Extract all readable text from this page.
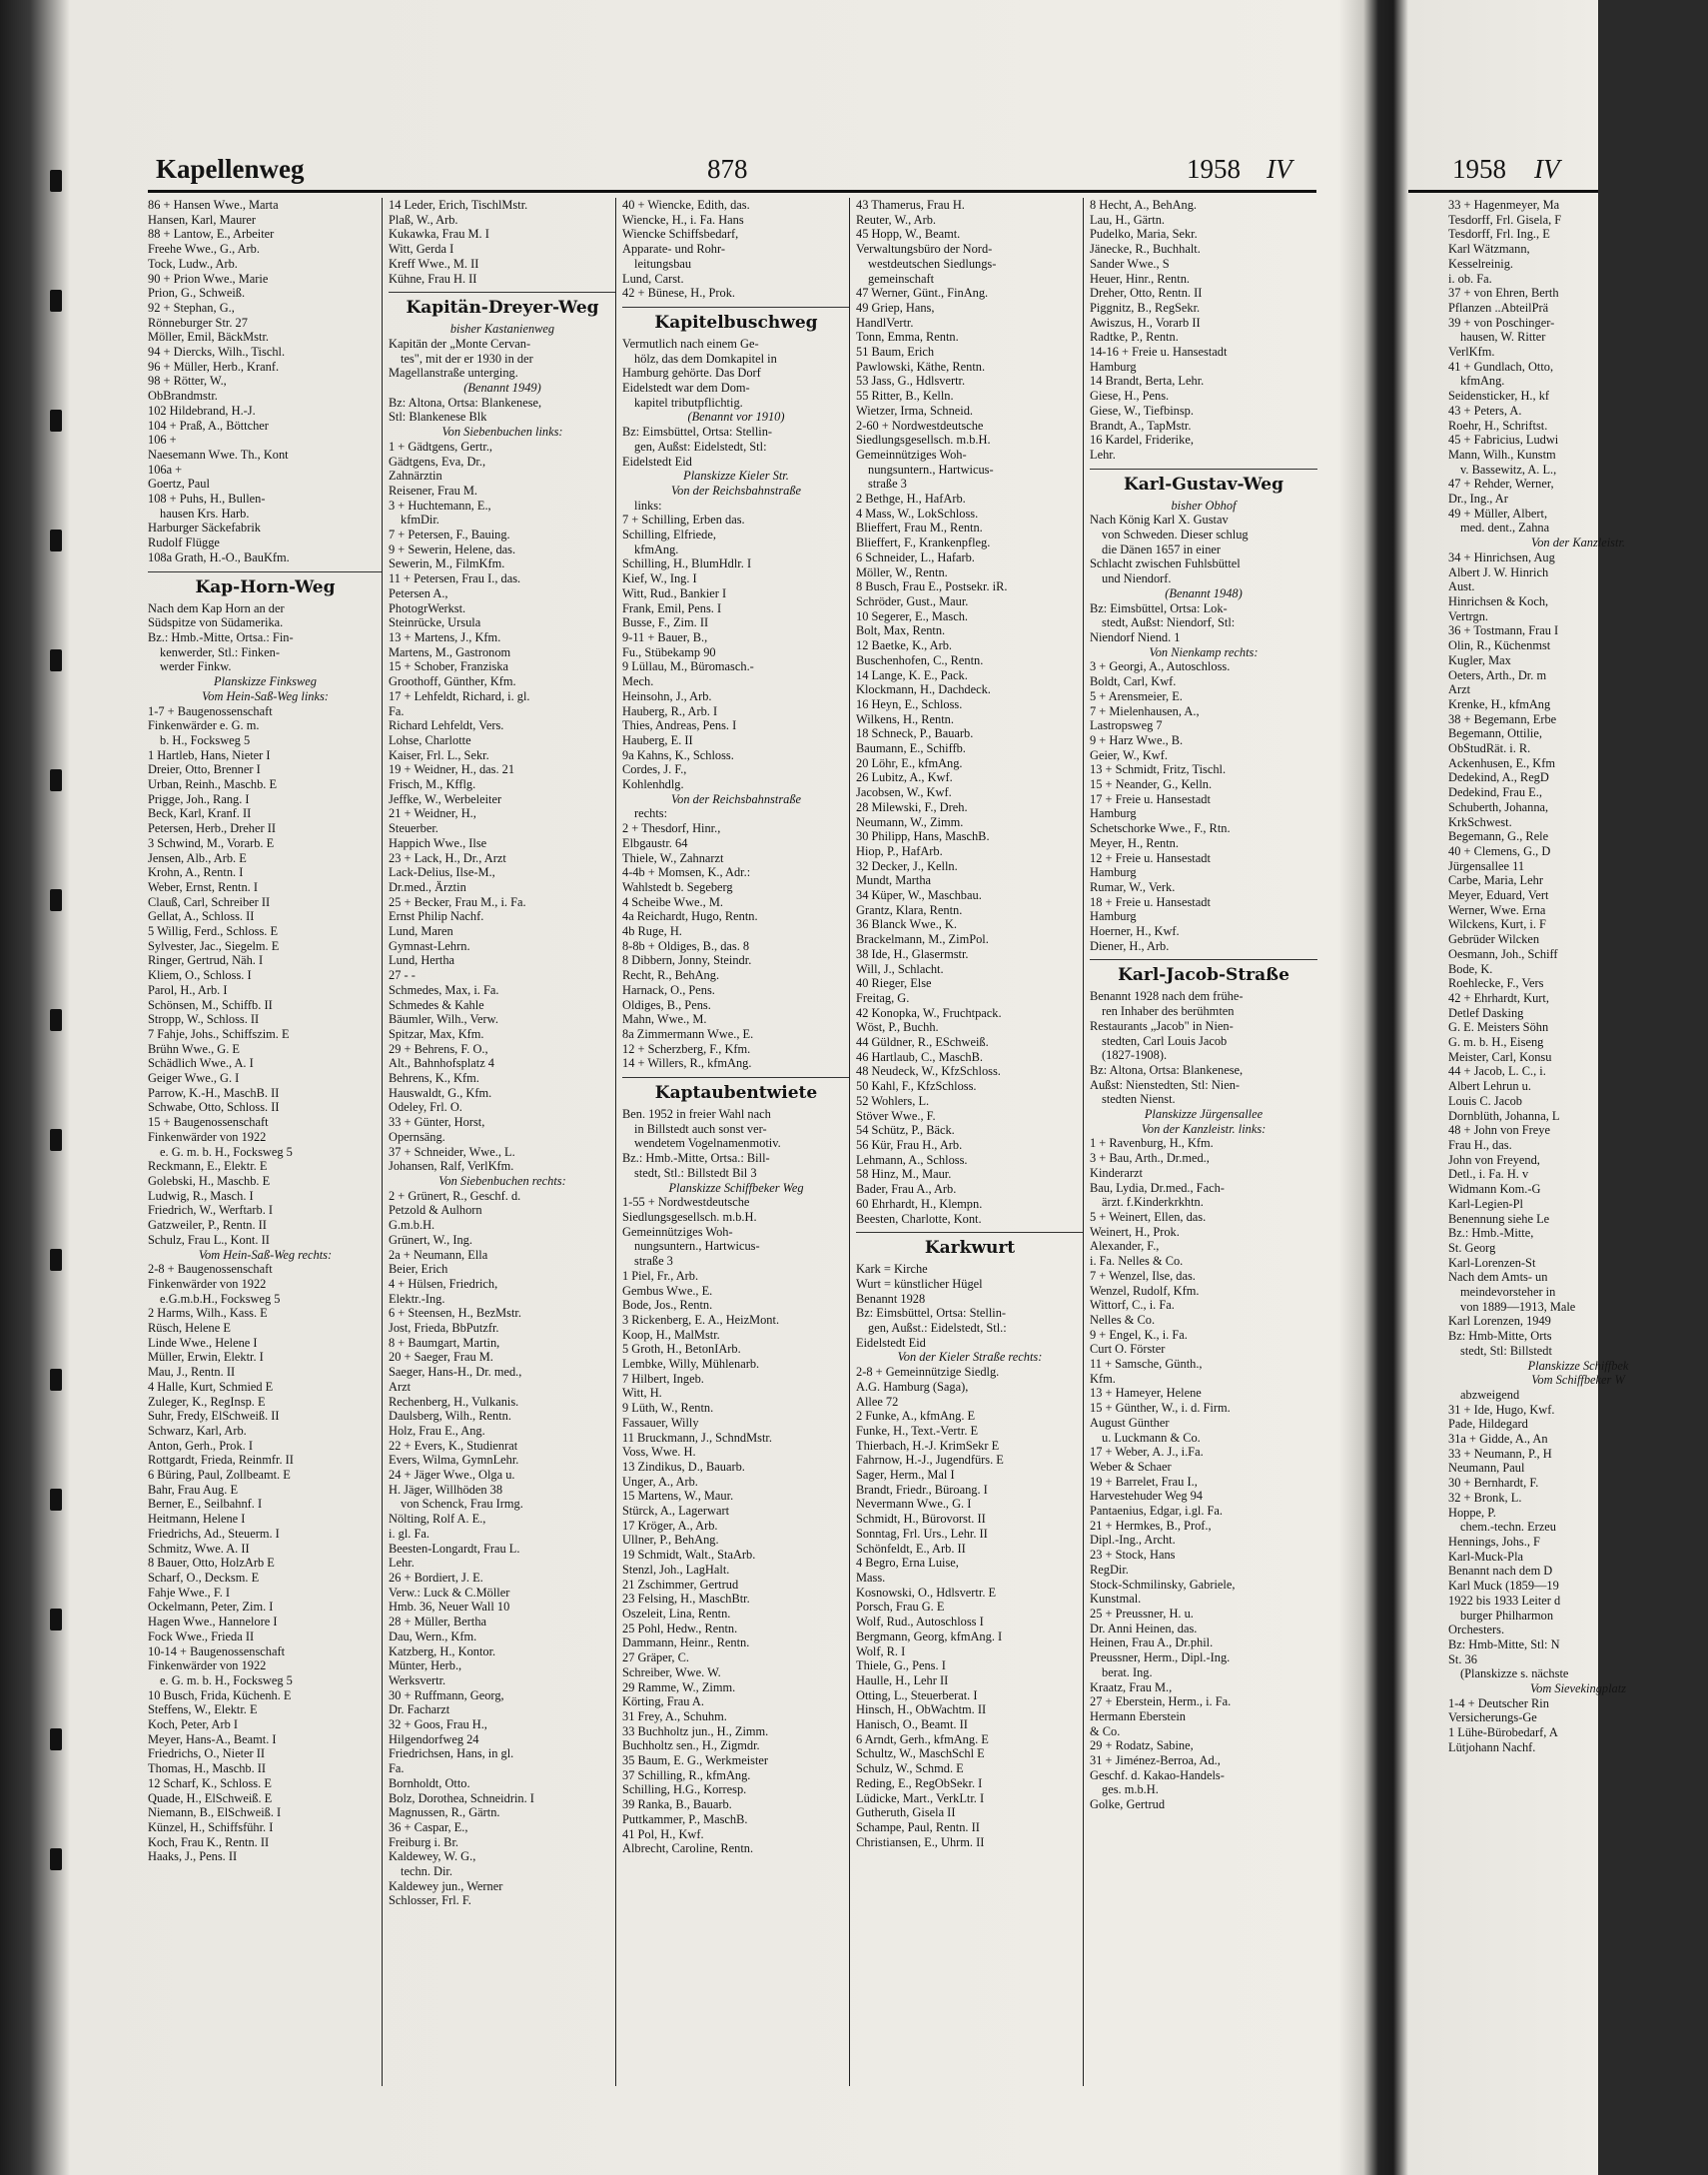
Kapellenweg	878	1958 IV
86 + Hansen Wwe., Marta
Hansen, Karl, Maurer
88 + Lantow, E., Arbeiter
Freehe Wwe., G., Arb.
Tock, Ludw., Arb.
90 + Prion Wwe., Marie
Prion, G., Schweiß.
92 + Stephan, G.,
Rönneburger Str. 27
Möller, Emil, BäckMstr.
94 + Diercks, Wilh., Tischl.
96 + Müller, Herb., Kranf.
98 + Rötter, W.,
ObBrandmstr.
102 Hildebrand, H.-J.
104 + Praß, A., Böttcher
106 +
Naesemann Wwe. Th., Kont
106a +
Goertz, Paul
108 + Puhs, H., Bullen-
hausen Krs. Harb.
Harburger Säckefabrik
Rudolf Flügge
108a Grath, H.-O., BauKfm.
Kap-Horn-Weg
Nach dem Kap Horn an der
Südspitze von Südamerika.
Bz.: Hmb.-Mitte, Ortsa.: Fin-
kenwerder, Stl.: Finken-
werder Finkw.
Planskizze Finksweg
Vom Hein-Saß-Weg links:
1-7 + Baugenossenschaft
Finkenwärder e. G. m.
b. H., Focksweg 5
1 Hartleb, Hans, Nieter I
Dreier, Otto, Brenner I
Urban, Reinh., Maschb. E
Prigge, Joh., Rang. I
Beck, Karl, Kranf. II
Petersen, Herb., Dreher II
3 Schwind, M., Vorarb. E
Jensen, Alb., Arb. E
Krohn, A., Rentn. I
Weber, Ernst, Rentn. I
Clauß, Carl, Schreiber II
Gellat, A., Schloss. II
5 Willig, Ferd., Schloss. E
Sylvester, Jac., Siegelm. E
Ringer, Gertrud, Näh. I
Kliem, O., Schloss. I
Parol, H., Arb. I
Schönsen, M., Schiffb. II
Stropp, W., Schloss. II
7 Fahje, Johs., Schiffszim. E
Brühn Wwe., G. E
Schädlich Wwe., A. I
Geiger Wwe., G. I
Parrow, K.-H., MaschB. II
Schwabe, Otto, Schloss. II
15 + Baugenossenschaft
Finkenwärder von 1922
e. G. m. b. H., Focksweg 5
Reckmann, E., Elektr. E
Golebski, H., Maschb. E
Ludwig, R., Masch. I
Friedrich, W., Werftarb. I
Gatzweiler, P., Rentn. II
Schulz, Frau L., Kont. II
Vom Hein-Saß-Weg rechts:
2-8 + Baugenossenschaft
Finkenwärder von 1922
e.G.m.b.H., Focksweg 5
2 Harms, Wilh., Kass. E
Rüsch, Helene E
Linde Wwe., Helene I
Müller, Erwin, Elektr. I
Mau, J., Rentn. II
4 Halle, Kurt, Schmied E
Zuleger, K., RegInsp. E
Suhr, Fredy, ElSchweiß. II
Schwarz, Karl, Arb.
Anton, Gerh., Prok. I
Rottgardt, Frieda, Reinmfr. II
6 Büring, Paul, Zollbeamt. E
Bahr, Frau Aug. E
Berner, E., Seilbahnf. I
Heitmann, Helene I
Friedrichs, Ad., Steuerm. I
Schmitz, Wwe. A. II
8 Bauer, Otto, HolzArb E
Scharf, O., Decksm. E
Fahje Wwe., F. I
Ockelmann, Peter, Zim. I
Hagen Wwe., Hannelore I
Fock Wwe., Frieda II
10-14 + Baugenossenschaft
Finkenwärder von 1922
e. G. m. b. H., Focksweg 5
10 Busch, Frida, Küchenh. E
Steffens, W., Elektr. E
Koch, Peter, Arb I
Meyer, Hans-A., Beamt. I
Friedrichs, O., Nieter II
Thomas, H., Maschb. II
12 Scharf, K., Schloss. E
Quade, H., ElSchweiß. E
Niemann, B., ElSchweiß. I
Künzel, H., Schiffsführ. I
Koch, Frau K., Rentn. II
Haaks, J., Pens. II
14 Leder, Erich, TischlMstr.
Plaß, W., Arb.
Kukawka, Frau M. I
Witt, Gerda I
Kreff Wwe., M. II
Kühne, Frau H. II
Kapitän-Dreyer-Weg
bisher Kastanienweg
Kapitän der „Monte Cervan-
tes", mit der er 1930 in der
Magellanstraße unterging.
(Benannt 1949)
Bz: Altona, Ortsa: Blankenese,
Stl: Blankenese Blk
Von Siebenbuchen links:
1 + Gädtgens, Gertr.,
Gädtgens, Eva, Dr.,
Zahnärztin
Reisener, Frau M.
3 + Huchtemann, E.,
kfmDir.
7 + Petersen, F., Bauing.
9 + Sewerin, Helene, das.
Sewerin, M., FilmKfm.
11 + Petersen, Frau I., das.
Petersen A.,
PhotogrWerkst.
Steinrücke, Ursula
13 + Martens, J., Kfm.
Martens, M., Gastronom
15 + Schober, Franziska
Groothoff, Günther, Kfm.
17 + Lehfeldt, Richard, i. gl.
Fa.
Richard Lehfeldt, Vers.
Lohse, Charlotte
Kaiser, Frl. L., Sekr.
19 + Weidner, H., das. 21
Frisch, M., Kfflg.
Jeffke, W., Werbeleiter
21 + Weidner, H.,
Steuerber.
Happich Wwe., Ilse
23 + Lack, H., Dr., Arzt
Lack-Delius, Ilse-M.,
Dr.med., Ärztin
25 + Becker, Frau M., i. Fa.
Ernst Philip Nachf.
Lund, Maren
Gymnast-Lehrn.
Lund, Hertha
27 - -
Schmedes, Max, i. Fa.
Schmedes & Kahle
Bäumler, Wilh., Verw.
Spitzar, Max, Kfm.
29 + Behrens, F. O.,
Alt., Bahnhofsplatz 4
Behrens, K., Kfm.
Hauswaldt, G., Kfm.
Odeley, Frl. O.
33 + Günter, Horst,
Opernsäng.
37 + Schneider, Wwe., L.
Johansen, Ralf, VerlKfm.
Von Siebenbuchen rechts:
2 + Grünert, R., Geschf. d.
Petzold & Aulhorn
G.m.b.H.
Grünert, W., Ing.
2a + Neumann, Ella
Beier, Erich
4 + Hülsen, Friedrich,
Elektr.-Ing.
6 + Steensen, H., BezMstr.
Jost, Frieda, BbPutzfr.
8 + Baumgart, Martin,
20 + Saeger, Frau M.
Saeger, Hans-H., Dr. med.,
Arzt
Rechenberg, H., Vulkanis.
Daulsberg, Wilh., Rentn.
Holz, Frau E., Ang.
22 + Evers, K., Studienrat
Evers, Wilma, GymnLehr.
24 + Jäger Wwe., Olga u.
H. Jäger, Willhöden 38
von Schenck, Frau Irmg.
Nölting, Rolf A. E.,
i. gl. Fa.
Beesten-Longardt, Frau L.
Lehr.
26 + Bordiert, J. E.
Verw.: Luck & C.Möller
Hmb. 36, Neuer Wall 10
28 + Müller, Bertha
Dau, Wern., Kfm.
Katzberg, H., Kontor.
Münter, Herb.,
Werksvertr.
30 + Ruffmann, Georg,
Dr. Facharzt
32 + Goos, Frau H.,
Hilgendorfweg 24
Friedrichsen, Hans, in gl.
Fa.
Bornholdt, Otto.
Bolz, Dorothea, Schneidrin. I
Magnussen, R., Gärtn.
36 + Caspar, E.,
Freiburg i. Br.
Kaldewey, W. G.,
techn. Dir.
Kaldewey jun., Werner
Schlosser, Frl. F.
40 + Wiencke, Edith, das.
Wiencke, H., i. Fa. Hans
Wiencke Schiffsbedarf,
Apparate- und Rohr-
leitungsbau
Lund, Carst.
42 + Bünese, H., Prok.
Kapitelbuschweg
Vermutlich nach einem Ge-
hölz, das dem Domkapitel in
Hamburg gehörte. Das Dorf
Eidelstedt war dem Dom-
kapitel tributpflichtig.
(Benannt vor 1910)
Bz: Eimsbüttel, Ortsa: Stellin-
gen, Außst: Eidelstedt, Stl:
Eidelstedt Eid
Planskizze Kieler Str.
Von der Reichsbahnstraße
links:
7 + Schilling, Erben das.
Schilling, Elfriede,
kfmAng.
Schilling, H., BlumHdlr. I
Kief, W., Ing. I
Witt, Rud., Bankier I
Frank, Emil, Pens. I
Busse, F., Zim. II
9-11 + Bauer, B.,
Fu., Stübekamp 90
9 Lüllau, M., Büromasch.-
Mech.
Heinsohn, J., Arb.
Hauberg, R., Arb. I
Thies, Andreas, Pens. I
Hauberg, E. II
9a Kahns, K., Schloss.
Cordes, J. F.,
Kohlenhdlg.
Von der Reichsbahnstraße
rechts:
2 + Thesdorf, Hinr.,
Elbgaustr. 64
Thiele, W., Zahnarzt
4-4b + Momsen, K., Adr.:
Wahlstedt b. Segeberg
4 Scheibe Wwe., M.
4a Reichardt, Hugo, Rentn.
4b Ruge, H.
8-8b + Oldiges, B., das. 8
8 Dibbern, Jonny, Steindr.
Recht, R., BehAng.
Harnack, O., Pens.
Oldiges, B., Pens.
Mahn, Wwe., M.
8a Zimmermann Wwe., E.
12 + Scherzberg, F., Kfm.
14 + Willers, R., kfmAng.
Kaptaubentwiete
Ben. 1952 in freier Wahl nach
in Billstedt auch sonst ver-
wendetem Vogelnamenmotiv.
Bz.: Hmb.-Mitte, Ortsa.: Bill-
stedt, Stl.: Billstedt Bil 3
Planskizze Schiffbeker Weg
1-55 + Nordwestdeutsche
Siedlungsgesellsch. m.b.H.
Gemeinnütziges Woh-
nungsuntern., Hartwicus-
straße 3
1 Piel, Fr., Arb.
Gembus Wwe., E.
Bode, Jos., Rentn.
3 Rickenberg, E. A., HeizMont.
Koop, H., MalMstr.
5 Groth, H., BetonIArb.
Lembke, Willy, Mühlenarb.
7 Hilbert, Ingeb.
Witt, H.
9 Lüth, W., Rentn.
Fassauer, Willy
11 Bruckmann, J., SchndMstr.
Voss, Wwe. H.
13 Zindikus, D., Bauarb.
Unger, A., Arb.
15 Martens, W., Maur.
Stürck, A., Lagerwart
17 Kröger, A., Arb.
Ullner, P., BehAng.
19 Schmidt, Walt., StaArb.
Stenzl, Joh., LagHalt.
21 Zschimmer, Gertrud
23 Felsing, H., MaschBtr.
Oszeleit, Lina, Rentn.
25 Pohl, Hedw., Rentn.
Dammann, Heinr., Rentn.
27 Gräper, C.
Schreiber, Wwe. W.
29 Ramme, W., Zimm.
Körting, Frau A.
31 Frey, A., Schuhm.
33 Buchholtz jun., H., Zimm.
Buchholtz sen., H., Zigmdr.
35 Baum, E. G., Werkmeister
37 Schilling, R., kfmAng.
Schilling, H.G., Korresp.
39 Ranka, B., Bauarb.
Puttkammer, P., MaschB.
41 Pol, H., Kwf.
Albrecht, Caroline, Rentn.
43 Thamerus, Frau H.
Reuter, W., Arb.
45 Hopp, W., Beamt.
Verwaltungsbüro der Nord-
westdeutschen Siedlungs-
gemeinschaft
47 Werner, Günt., FinAng.
49 Griep, Hans,
HandlVertr.
Tonn, Emma, Rentn.
51 Baum, Erich
Pawlowski, Käthe, Rentn.
53 Jass, G., Hdlsvertr.
55 Ritter, B., Kelln.
Wietzer, Irma, Schneid.
2-60 + Nordwestdeutsche
Siedlungsgesellsch. m.b.H.
Gemeinnütziges Woh-
nungsuntern., Hartwicus-
straße 3
2 Bethge, H., HafArb.
4 Mass, W., LokSchloss.
Blieffert, Frau M., Rentn.
Blieffert, F., Krankenpfleg.
6 Schneider, L., Hafarb.
Möller, W., Rentn.
8 Busch, Frau E., Postsekr. iR.
Schröder, Gust., Maur.
10 Segerer, E., Masch.
Bolt, Max, Rentn.
12 Baetke, K., Arb.
Buschenhofen, C., Rentn.
14 Lange, K. E., Pack.
Klockmann, H., Dachdeck.
16 Heyn, E., Schloss.
Wilkens, H., Rentn.
18 Schneck, P., Bauarb.
Baumann, E., Schiffb.
20 Löhr, E., kfmAng.
26 Lubitz, A., Kwf.
Jacobsen, W., Kwf.
28 Milewski, F., Dreh.
Neumann, W., Zimm.
30 Philipp, Hans, MaschB.
Hiop, P., HafArb.
32 Decker, J., Kelln.
Mundt, Martha
34 Küper, W., Maschbau.
Grantz, Klara, Rentn.
36 Blanck Wwe., K.
Brackelmann, M., ZimPol.
38 Ide, H., Glasermstr.
Will, J., Schlacht.
40 Rieger, Else
Freitag, G.
42 Konopka, W., Fruchtpack.
Wöst, P., Buchh.
44 Güldner, R., ESchweiß.
46 Hartlaub, C., MaschB.
48 Neudeck, W., KfzSchloss.
50 Kahl, F., KfzSchloss.
52 Wohlers, L.
Stöver Wwe., F.
54 Schütz, P., Bäck.
56 Kür, Frau H., Arb.
Lehmann, A., Schloss.
58 Hinz, M., Maur.
Bader, Frau A., Arb.
60 Ehrhardt, H., Klempn.
Beesten, Charlotte, Kont.
Karkwurt
Kark = Kirche
Wurt = künstlicher Hügel
Benannt 1928
Bz: Eimsbüttel, Ortsa: Stellin-
gen, Außst.: Eidelstedt, Stl.:
Eidelstedt Eid
Von der Kieler Straße rechts:
2-8 + Gemeinnützige Siedlg.
A.G. Hamburg (Saga),
Allee 72
2 Funke, A., kfmAng. E
Funke, H., Text.-Vertr. E
Thierbach, H.-J. KrimSekr E
Fahrnow, H.-J., Jugendfürs. E
Sager, Herm., Mal I
Brandt, Friedr., Büroang. I
Nevermann Wwe., G. I
Schmidt, H., Bürovorst. II
Sonntag, Frl. Urs., Lehr. II
Schönfeldt, E., Arb. II
4 Begro, Erna Luise,
Mass.
Kosnowski, O., Hdlsvertr. E
Porsch, Frau G. E
Wolf, Rud., Autoschloss I
Bergmann, Georg, kfmAng. I
Wolf, R. I
Thiele, G., Pens. I
Haulle, H., Lehr II
Otting, L., Steuerberat. I
Hinsch, H., ObWachtm. II
Hanisch, O., Beamt. II
6 Arndt, Gerh., kfmAng. E
Schultz, W., MaschSchl E
Schulz, W., Schmd. E
Reding, E., RegObSekr. I
Lüdicke, Mart., VerkLtr. I
Gutheruth, Gisela II
Schampe, Paul, Rentn. II
Christiansen, E., Uhrm. II
8 Hecht, A., BehAng.
Lau, H., Gärtn.
Pudelko, Maria, Sekr.
Jänecke, R., Buchhalt.
Sander Wwe., S
Heuer, Hinr., Rentn.
Dreher, Otto, Rentn. II
Piggnitz, B., RegSekr.
Awiszus, H., Vorarb II
Radtke, P., Rentn.
14-16 + Freie u. Hansestadt
Hamburg
14 Brandt, Berta, Lehr.
Giese, H., Pens.
Giese, W., Tiefbinsp.
Brandt, A., TapMstr.
16 Kardel, Friderike,
Lehr.
Karl-Gustav-Weg
bisher Obhof
Nach König Karl X. Gustav
von Schweden. Dieser schlug
die Dänen 1657 in einer
Schlacht zwischen Fuhlsbüttel
und Niendorf.
(Benannt 1948)
Bz: Eimsbüttel, Ortsa: Lok-
stedt, Außst: Niendorf, Stl:
Niendorf Niend. 1
Von Nienkamp rechts:
3 + Georgi, A., Autoschloss.
Boldt, Carl, Kwf.
5 + Arensmeier, E.
7 + Mielenhausen, A.,
Lastropsweg 7
9 + Harz Wwe., B.
Geier, W., Kwf.
13 + Schmidt, Fritz, Tischl.
15 + Neander, G., Kelln.
17 + Freie u. Hansestadt
Hamburg
Schetschorke Wwe., F., Rtn.
Meyer, H., Rentn.
12 + Freie u. Hansestadt
Hamburg
Rumar, W., Verk.
18 + Freie u. Hansestadt
Hamburg
Hoerner, H., Kwf.
Diener, H., Arb.
Karl-Jacob-Straße
Benannt 1928 nach dem frühe-
ren Inhaber des berühmten
Restaurants „Jacob" in Nien-
stedten, Carl Louis Jacob
(1827-1908).
Bz: Altona, Ortsa: Blankenese,
Außst: Nienstedten, Stl: Nien-
stedten Nienst.
Planskizze Jürgensallee
Von der Kanzleistr. links:
1 + Ravenburg, H., Kfm.
3 + Bau, Arth., Dr.med.,
Kinderarzt
Bau, Lydia, Dr.med., Fach-
ärzt. f.Kinderkrkhtn.
5 + Weinert, Ellen, das.
Weinert, H., Prok.
Alexander, F.,
i. Fa. Nelles & Co.
7 + Wenzel, Ilse, das.
Wenzel, Rudolf, Kfm.
Wittorf, C., i. Fa.
Nelles & Co.
9 + Engel, K., i. Fa.
Curt O. Förster
11 + Samsche, Günth.,
Kfm.
13 + Hameyer, Helene
15 + Günther, W., i. d. Firm.
August Günther
u. Luckmann & Co.
17 + Weber, A. J., i.Fa.
Weber & Schaer
19 + Barrelet, Frau I.,
Harvestehuder Weg 94
Pantaenius, Edgar, i.gl. Fa.
21 + Hermkes, B., Prof.,
Dipl.-Ing., Archt.
23 + Stock, Hans
RegDir.
Stock-Schmilinsky, Gabriele,
Kunstmal.
25 + Preussner, H. u.
Dr. Anni Heinen, das.
Heinen, Frau A., Dr.phil.
Preussner, Herm., Dipl.-Ing.
berat. Ing.
Kraatz, Frau M.,
27 + Eberstein, Herm., i. Fa.
Hermann Eberstein
& Co.
29 + Rodatz, Sabine,
31 + Jiménez-Berroa, Ad.,
Geschf. d. Kakao-Handels-
ges. m.b.H.
Golke, Gertrud
1958 IV
33 + Hagenmeyer, Ma
Tesdorff, Frl. Gisela, F
Tesdorff, Frl. Ing., E
Karl Wätzmann,
Kesselreinig.
i. ob. Fa.
37 + von Ehren, Berth
Pflanzen ..AbteilPrä
39 + von Poschinger-
hausen, W. Ritter
VerlKfm.
41 + Gundlach, Otto,
kfmAng.
Seidensticker, H., kf
43 + Peters, A.
Roehr, H., Schriftst.
45 + Fabricius, Ludwi
Mann, Wilh., Kunstm
v. Bassewitz, A. L.,
47 + Rehder, Werner,
Dr., Ing., Ar
49 + Müller, Albert,
med. dent., Zahna
Von der Kanzleistr.
34 + Hinrichsen, Aug
Albert J. W. Hinrich
Aust.
Hinrichsen & Koch,
Vertrgn.
36 + Tostmann, Frau I
Olin, R., Küchenmst
Kugler, Max
Oeters, Arth., Dr. m
Arzt
Krenke, H., kfmAng
38 + Begemann, Erbe
Begemann, Ottilie,
ObStudRät. i. R.
Ackenhusen, E., Kfm
Dedekind, A., RegD
Dedekind, Frau E.,
Schuberth, Johanna,
KrkSchwest.
Begemann, G., Rele
40 + Clemens, G., D
Jürgensallee 11
Carbe, Maria, Lehr
Meyer, Eduard, Vert
Werner, Wwe. Erna
Wilckens, Kurt, i. F
Gebrüder Wilcken
Oesmann, Joh., Schiff
Bode, K.
Roehlecke, F., Vers
42 + Ehrhardt, Kurt,
Detlef Dasking
G. E. Meisters Söhn
G. m. b. H., Eiseng
Meister, Carl, Konsu
44 + Jacob, L. C., i.
Albert Lehrun u.
Louis C. Jacob
Dornblüth, Johanna, L
48 + John von Freye
Frau H., das.
John von Freyend,
Detl., i. Fa. H. v
Widmann Kom.-G
Karl-Legien-Pl
Benennung siehe Le
Bz.: Hmb.-Mitte,
St. Georg
Karl-Lorenzen-St
Nach dem Amts- un
meindevorsteher in
von 1889—1913, Male
Karl Lorenzen, 1949
Bz: Hmb-Mitte, Orts
stedt, Stl: Billstedt
Planskizze Schiffbek
Vom Schiffbeker W
abzweigend
31 + Ide, Hugo, Kwf.
Pade, Hildegard
31a + Gidde, A., An
33 + Neumann, P., H
Neumann, Paul
30 + Bernhardt, F.
32 + Bronk, L.
Hoppe, P.
chem.-techn. Erzeu
Hennings, Johs., F
Karl-Muck-Pla
Benannt nach dem D
Karl Muck (1859—19
1922 bis 1933 Leiter d
burger Philharmon
Orchesters.
Bz: Hmb-Mitte, Stl: N
St. 36
(Planskizze s. nächste
Vom Sievekingplatz
1-4 + Deutscher Rin
Versicherungs-Ge
1 Lühe-Bürobedarf, A
Lütjohann Nachf.
